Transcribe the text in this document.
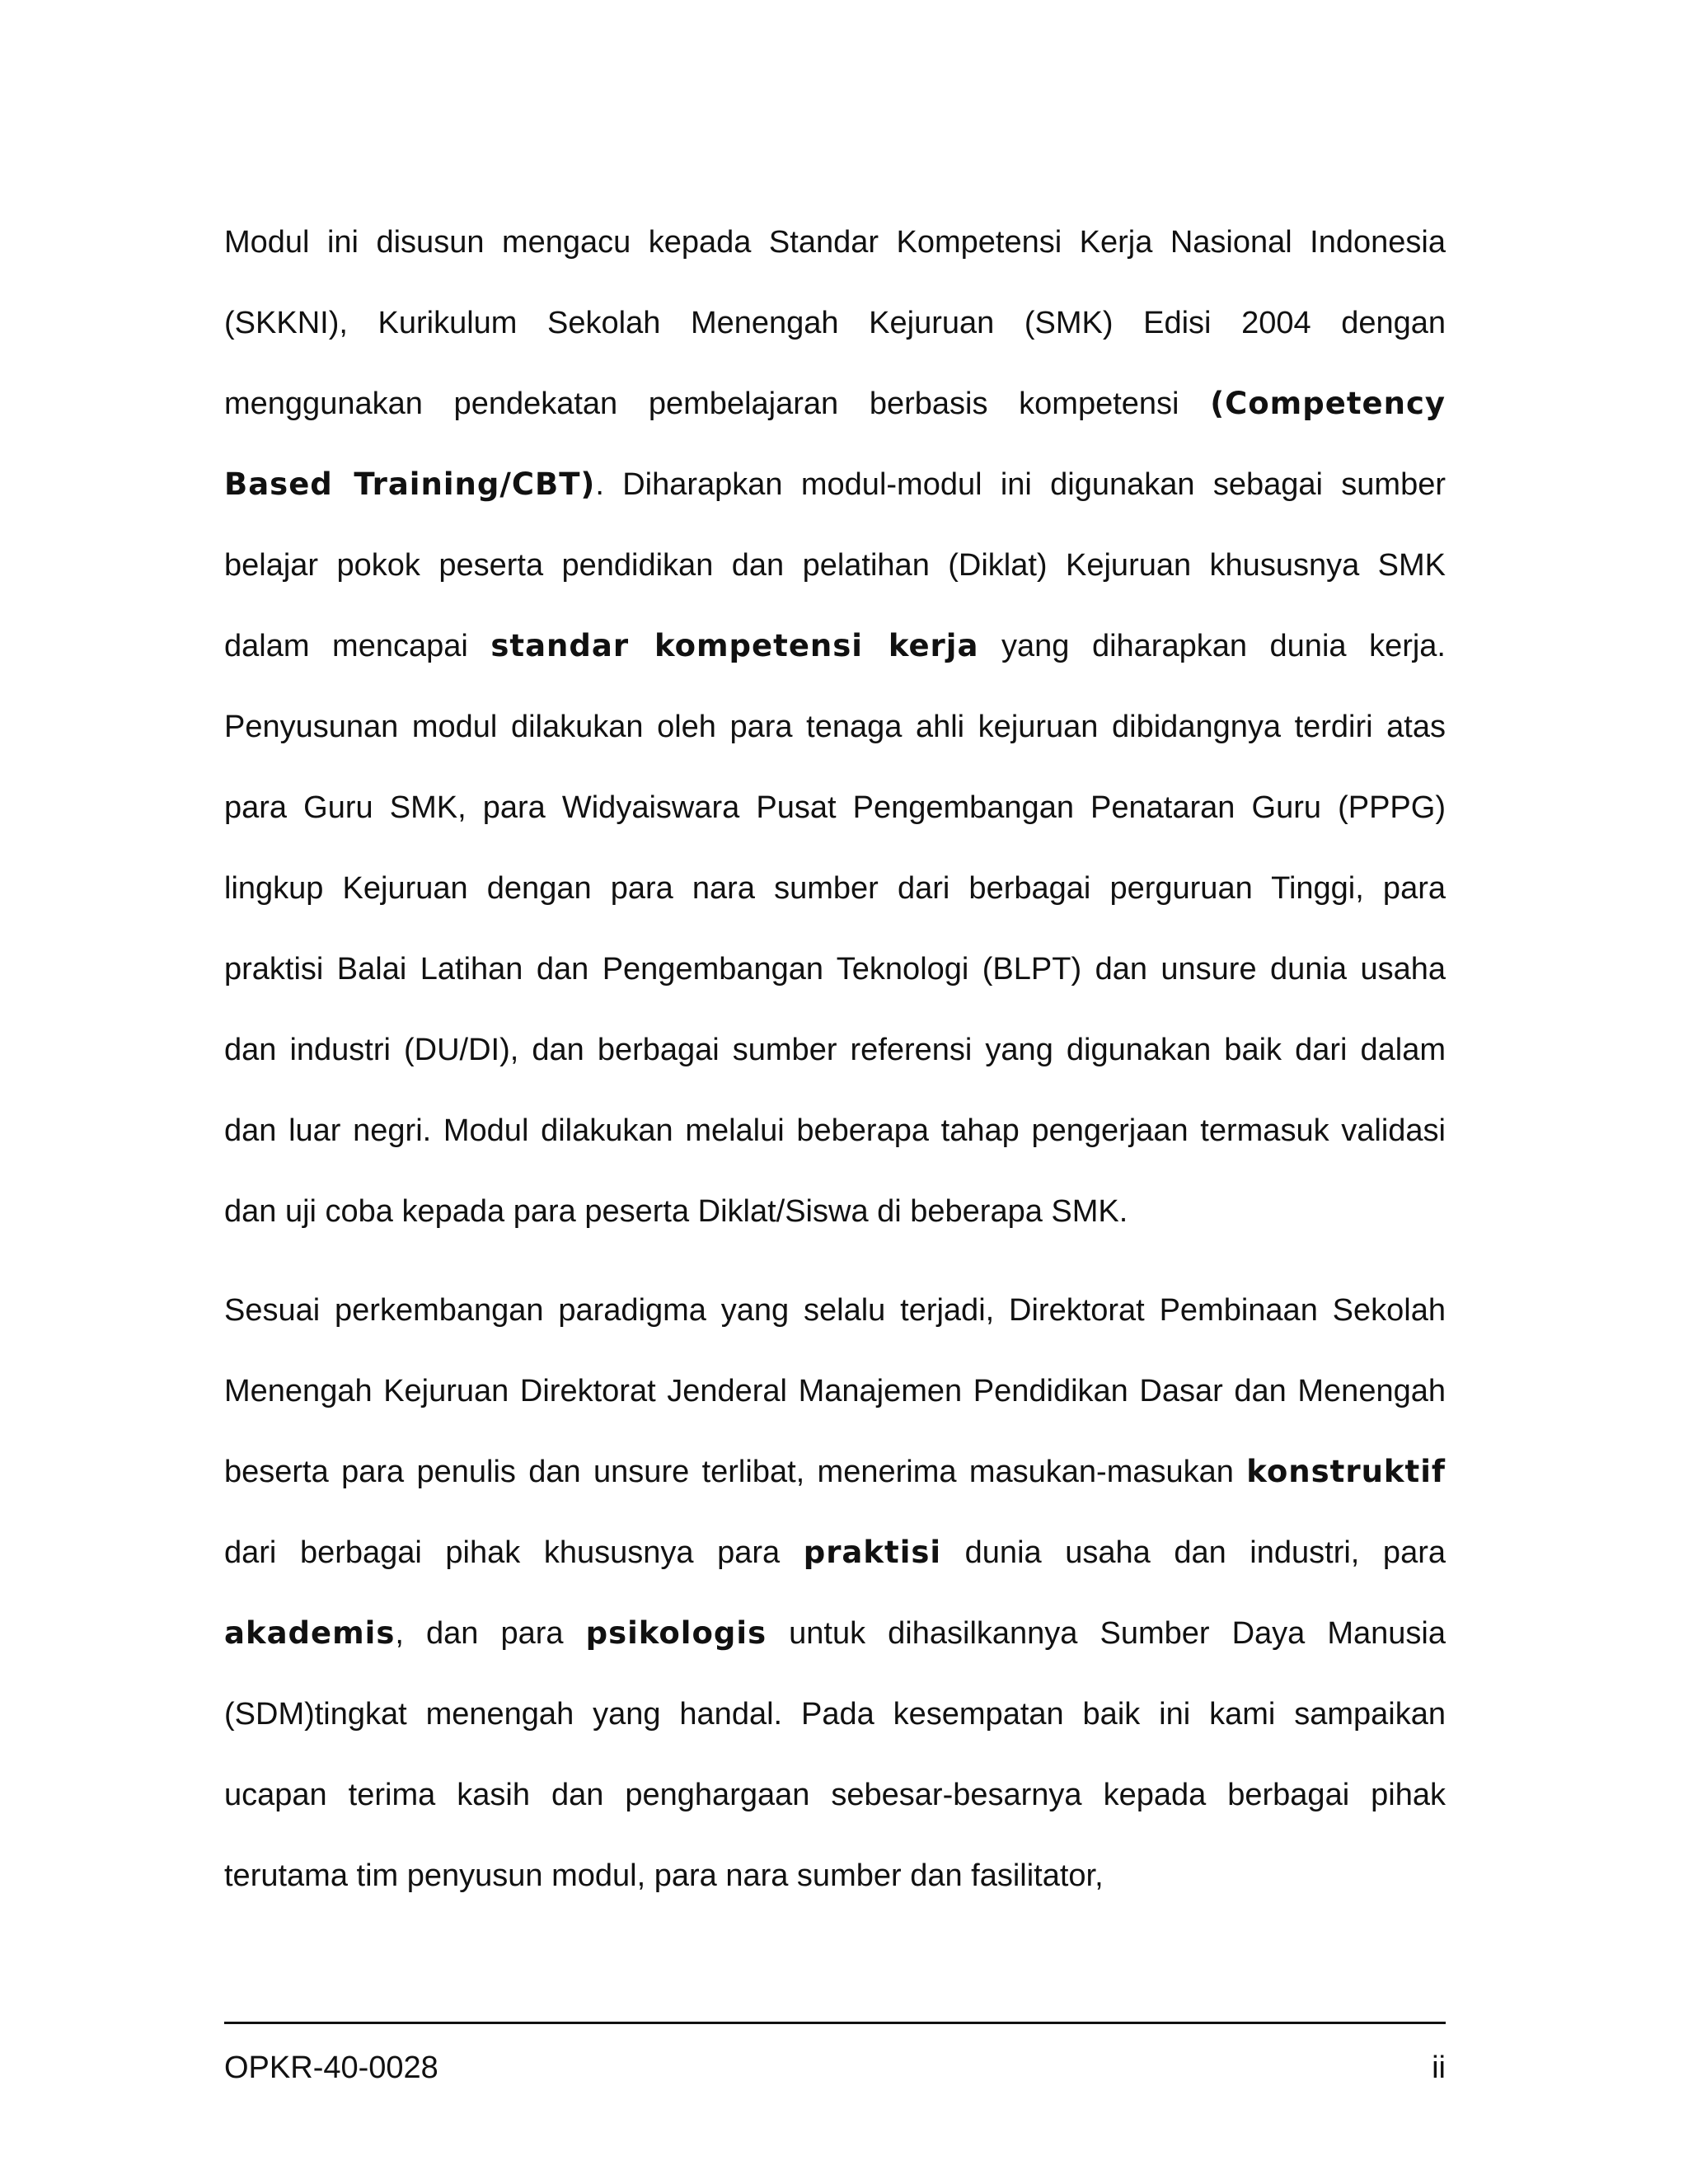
Modul ini disusun mengacu kepada Standar Kompetensi Kerja Nasional Indonesia (SKKNI), Kurikulum Sekolah Menengah Kejuruan (SMK) Edisi 2004 dengan menggunakan pendekatan pembelajaran berbasis kompetensi (Competency Based Training/CBT). Diharapkan modul-modul ini digunakan sebagai sumber belajar pokok peserta pendidikan dan pelatihan (Diklat) Kejuruan khususnya SMK dalam mencapai standar kompetensi kerja yang diharapkan dunia kerja. Penyusunan modul dilakukan oleh para tenaga ahli kejuruan dibidangnya terdiri atas para Guru SMK, para Widyaiswara Pusat Pengembangan Penataran Guru (PPPG) lingkup Kejuruan dengan para nara sumber dari berbagai perguruan Tinggi, para praktisi Balai Latihan dan Pengembangan Teknologi (BLPT) dan unsure dunia usaha dan industri (DU/DI), dan berbagai sumber referensi yang digunakan baik dari dalam dan luar negri. Modul dilakukan melalui beberapa tahap pengerjaan termasuk validasi dan uji coba kepada para peserta Diklat/Siswa di beberapa SMK.

Sesuai perkembangan paradigma yang selalu terjadi, Direktorat Pembinaan Sekolah Menengah Kejuruan Direktorat Jenderal Manajemen Pendidikan Dasar dan Menengah beserta para penulis dan unsure terlibat, menerima masukan-masukan konstruktif dari berbagai pihak khususnya para praktisi dunia usaha dan industri, para akademis, dan para psikologis untuk dihasilkannya Sumber Daya Manusia (SDM)tingkat menengah yang handal. Pada kesempatan baik ini kami sampaikan ucapan terima kasih dan penghargaan sebesar-besarnya kepada berbagai pihak terutama tim penyusun modul, para nara sumber dan fasilitator,

OPKR-40-0028	ii
